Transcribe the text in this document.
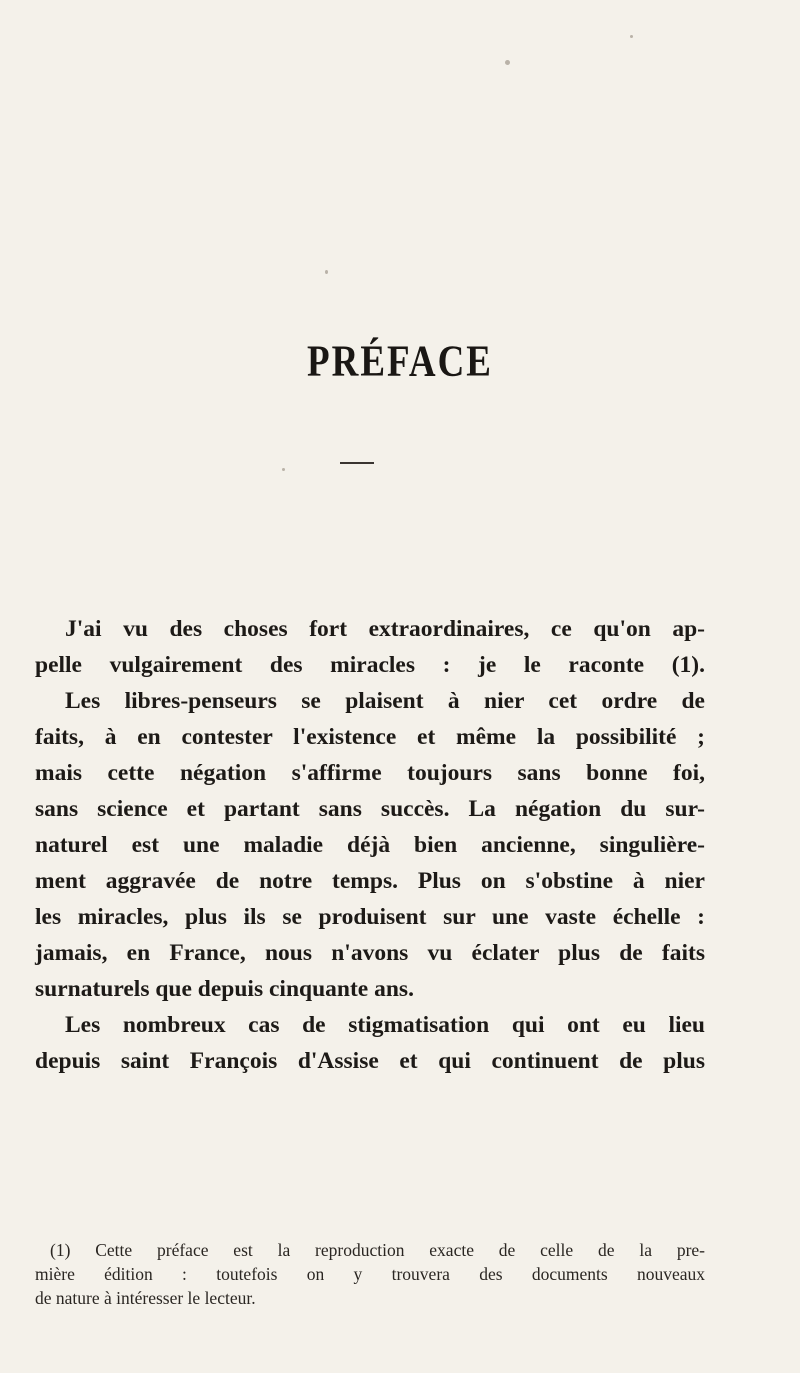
PRÉFACE
J'ai vu des choses fort extraordinaires, ce qu'on ap-
pelle vulgairement des miracles : je le raconte (1).
Les libres-penseurs se plaisent à nier cet ordre de
faits, à en contester l'existence et même la possibilité ;
mais cette négation s'affirme toujours sans bonne foi,
sans science et partant sans succès. La négation du sur-
naturel est une maladie déjà bien ancienne, singulière-
ment aggravée de notre temps. Plus on s'obstine à nier
les miracles, plus ils se produisent sur une vaste échelle :
jamais, en France, nous n'avons vu éclater plus de faits
surnaturels que depuis cinquante ans.
Les nombreux cas de stigmatisation qui ont eu lieu
depuis saint François d'Assise et qui continuent de plus
(1) Cette préface est la reproduction exacte de celle de la pre-
mière édition : toutefois on y trouvera des documents nouveaux
de nature à intéresser le lecteur.
